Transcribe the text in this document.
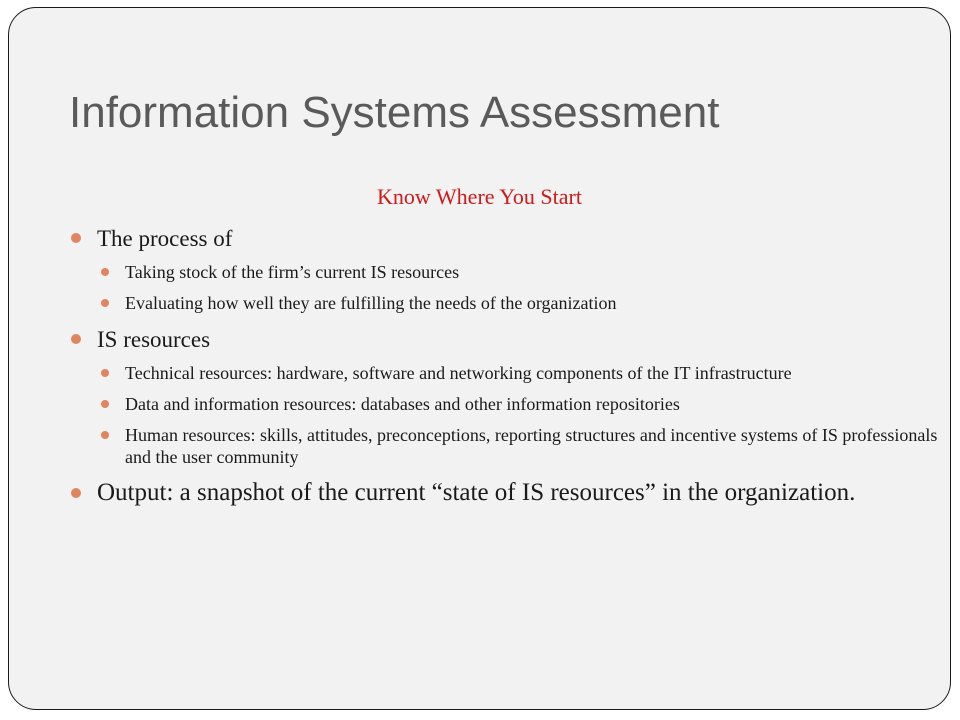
Information Systems Assessment
Know Where You Start
The process of
Taking stock of the firm’s current IS resources
Evaluating how well they are fulfilling the needs of the organization
IS resources
Technical resources: hardware, software and networking components of the IT infrastructure
Data and information resources: databases and other information repositories
Human resources: skills, attitudes, preconceptions, reporting structures and incentive systems of IS professionals and the user community
Output: a snapshot of the current “state of IS resources” in the organization.
